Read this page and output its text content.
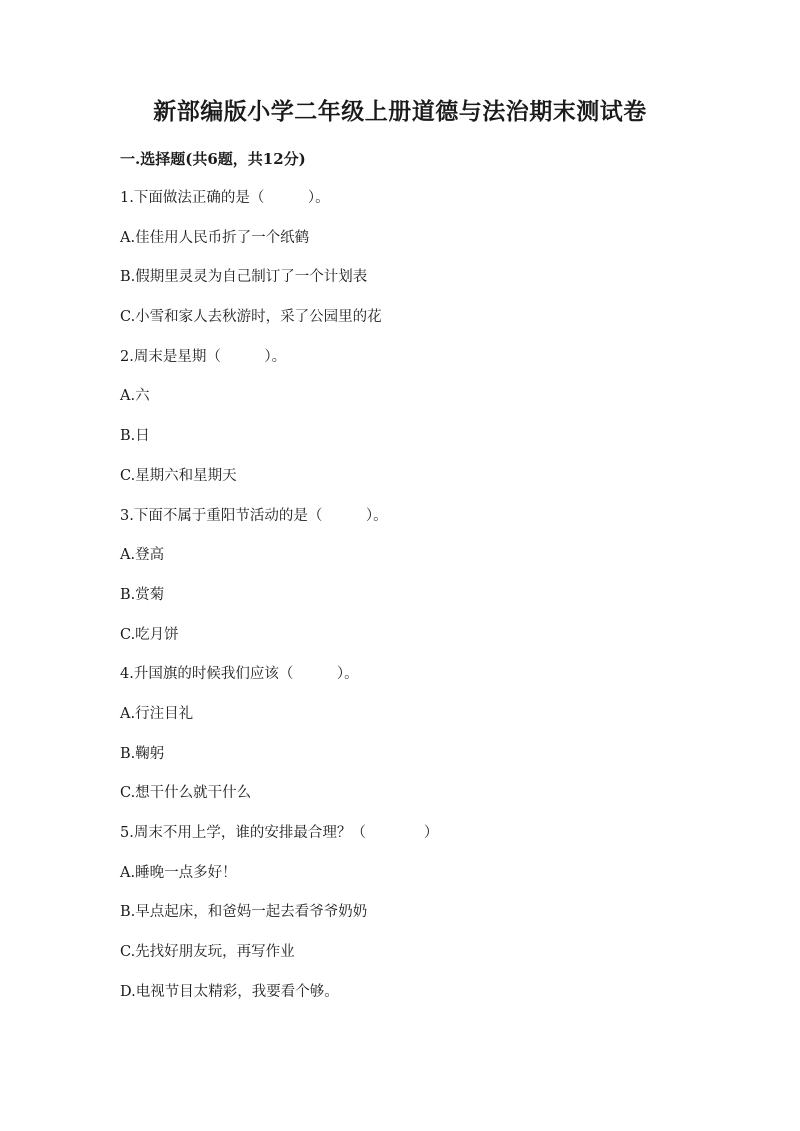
新部编版小学二年级上册道德与法治期末测试卷
一.选择题(共6题，共12分)
1.下面做法正确的是（　　　）。
A.佳佳用人民币折了一个纸鹤
B.假期里灵灵为自己制订了一个计划表
C.小雪和家人去秋游时，采了公园里的花
2.周末是星期（　　　）。
A.六
B.日
C.星期六和星期天
3.下面不属于重阳节活动的是（　　　）。
A.登高
B.赏菊
C.吃月饼
4.升国旗的时候我们应该（　　　）。
A.行注目礼
B.鞠躬
C.想干什么就干什么
5.周末不用上学，谁的安排最合理？（　　　　）
A.睡晚一点多好！
B.早点起床，和爸妈一起去看爷爷奶奶
C.先找好朋友玩，再写作业
D.电视节目太精彩，我要看个够。
